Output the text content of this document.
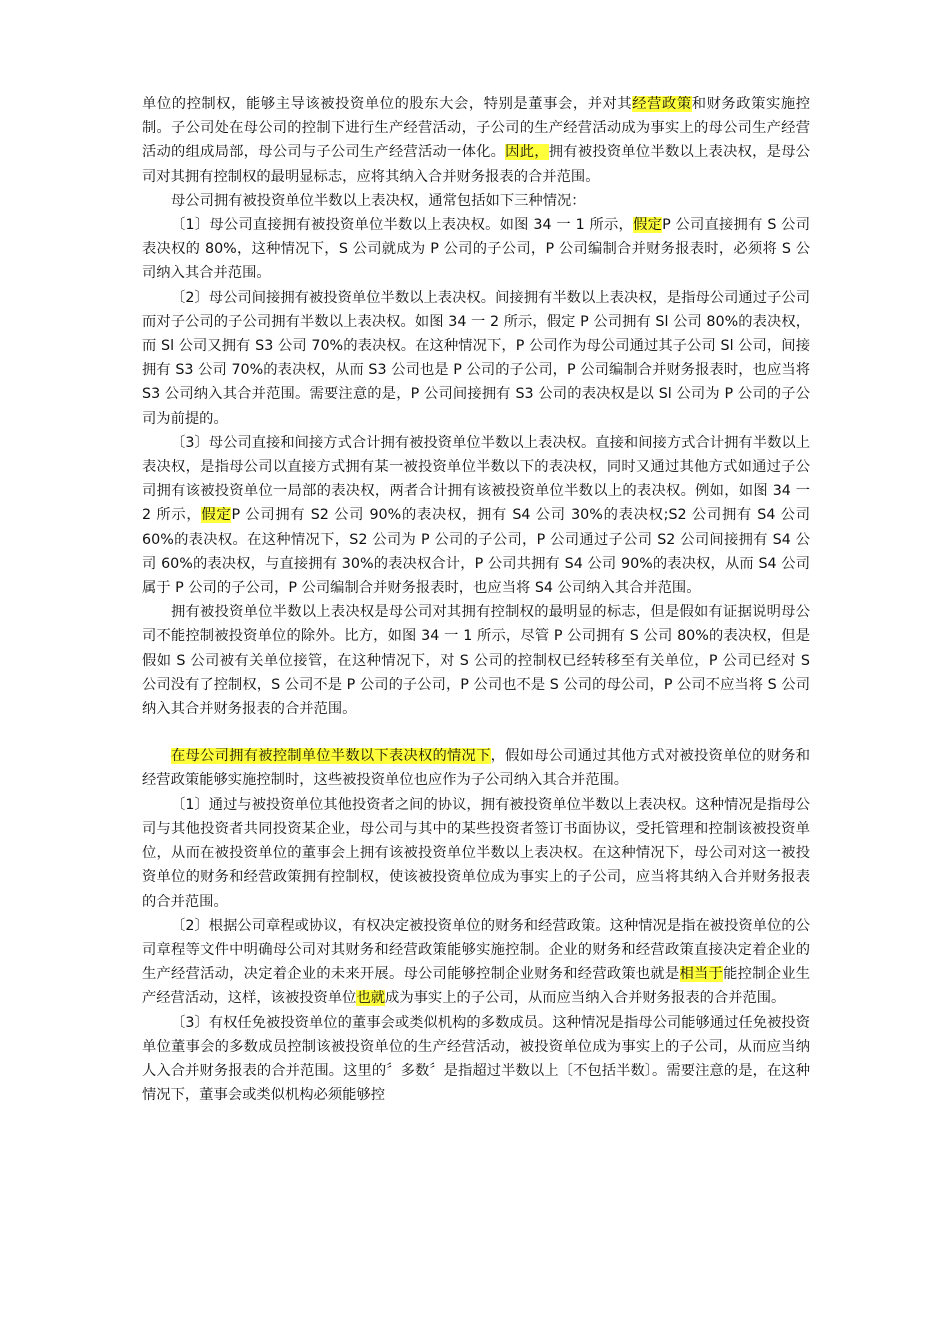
单位的控制权，能够主导该被投资单位的股东大会，特别是董事会，并对其经营政策和财务政策实施控制。子公司处在母公司的控制下进行生产经营活动，子公司的生产经营活动成为事实上的母公司生产经营活动的组成局部，母公司与子公司生产经营活动一体化。因此，拥有被投资单位半数以上表决权，是母公司对其拥有控制权的最明显标志，应将其纳入合并财务报表的合并范围。

母公司拥有被投资单位半数以上表决权，通常包括如下三种情况：

〔1〕母公司直接拥有被投资单位半数以上表决权。如图 34 一 1 所示，假定P 公司直接拥有 S 公司表决权的 80%，这种情况下，S 公司就成为 P 公司的子公司，P 公司编制合并财务报表时，必须将 S 公司纳入其合并范围。

〔2〕母公司间接拥有被投资单位半数以上表决权。间接拥有半数以上表决权，是指母公司通过子公司而对子公司的子公司拥有半数以上表决权。如图 34 一 2 所示，假定 P 公司拥有 Sl 公司 80%的表决权，而 Sl 公司又拥有 S3 公司 70%的表决权。在这种情况下，P 公司作为母公司通过其子公司 Sl 公司，间接拥有 S3 公司 70%的表决权，从而 S3 公司也是 P 公司的子公司，P 公司编制合并财务报表时，也应当将 S3 公司纳入其合并范围。需要注意的是，P 公司间接拥有 S3 公司的表决权是以 Sl 公司为 P 公司的子公司为前提的。

〔3〕母公司直接和间接方式合计拥有被投资单位半数以上表决权。直接和间接方式合计拥有半数以上表决权，是指母公司以直接方式拥有某一被投资单位半数以下的表决权，同时又通过其他方式如通过子公司拥有该被投资单位一局部的表决权，两者合计拥有该被投资单位半数以上的表决权。例如，如图 34 一 2 所示，假定P 公司拥有 S2 公司 90%的表决权，拥有 S4 公司 30%的表决权;S2 公司拥有 S4 公司 60%的表决权。在这种情况下，S2 公司为 P 公司的子公司，P 公司通过子公司 S2 公司间接拥有 S4 公司 60%的表决权，与直接拥有 30%的表决权合计，P 公司共拥有 S4 公司 90%的表决权，从而 S4 公司属于 P 公司的子公司，P 公司编制合并财务报表时，也应当将 S4 公司纳入其合并范围。

拥有被投资单位半数以上表决权是母公司对其拥有控制权的最明显的标志，但是假如有证据说明母公司不能控制被投资单位的除外。比方，如图 34 一 1 所示，尽管 P 公司拥有 S 公司 80%的表决权，但是假如 S 公司被有关单位接管，在这种情况下，对 S 公司的控制权已经转移至有关单位，P 公司已经对 S 公司没有了控制权，S 公司不是 P 公司的子公司，P 公司也不是 S 公司的母公司，P 公司不应当将 S 公司纳入其合并财务报表的合并范围。

在母公司拥有被控制单位半数以下表决权的情况下，假如母公司通过其他方式对被投资单位的财务和经营政策能够实施控制时，这些被投资单位也应作为子公司纳入其合并范围。

〔1〕通过与被投资单位其他投资者之间的协议，拥有被投资单位半数以上表决权。这种情况是指母公司与其他投资者共同投资某企业，母公司与其中的某些投资者签订书面协议，受托管理和控制该被投资单位，从而在被投资单位的董事会上拥有该被投资单位半数以上表决权。在这种情况下，母公司对这一被投资单位的财务和经营政策拥有控制权，使该被投资单位成为事实上的子公司，应当将其纳入合并财务报表的合并范围。

〔2〕根据公司章程或协议，有权决定被投资单位的财务和经营政策。这种情况是指在被投资单位的公司章程等文件中明确母公司对其财务和经营政策能够实施控制。企业的财务和经营政策直接决定着企业的生产经营活动，决定着企业的未来开展。母公司能够控制企业财务和经营政策也就是相当于能控制企业生产经营活动，这样，该被投资单位也就成为事实上的子公司，从而应当纳入合并财务报表的合并范围。

〔3〕有权任免被投资单位的董事会或类似机构的多数成员。这种情况是指母公司能够通过任免被投资单位董事会的多数成员控制该被投资单位的生产经营活动，被投资单位成为事实上的子公司，从而应当纳人入合并财务报表的合并范围。这里的〞多数〞是指超过半数以上〔不包括半数〕。需要注意的是，在这种情况下，董事会或类似机构必须能够控
